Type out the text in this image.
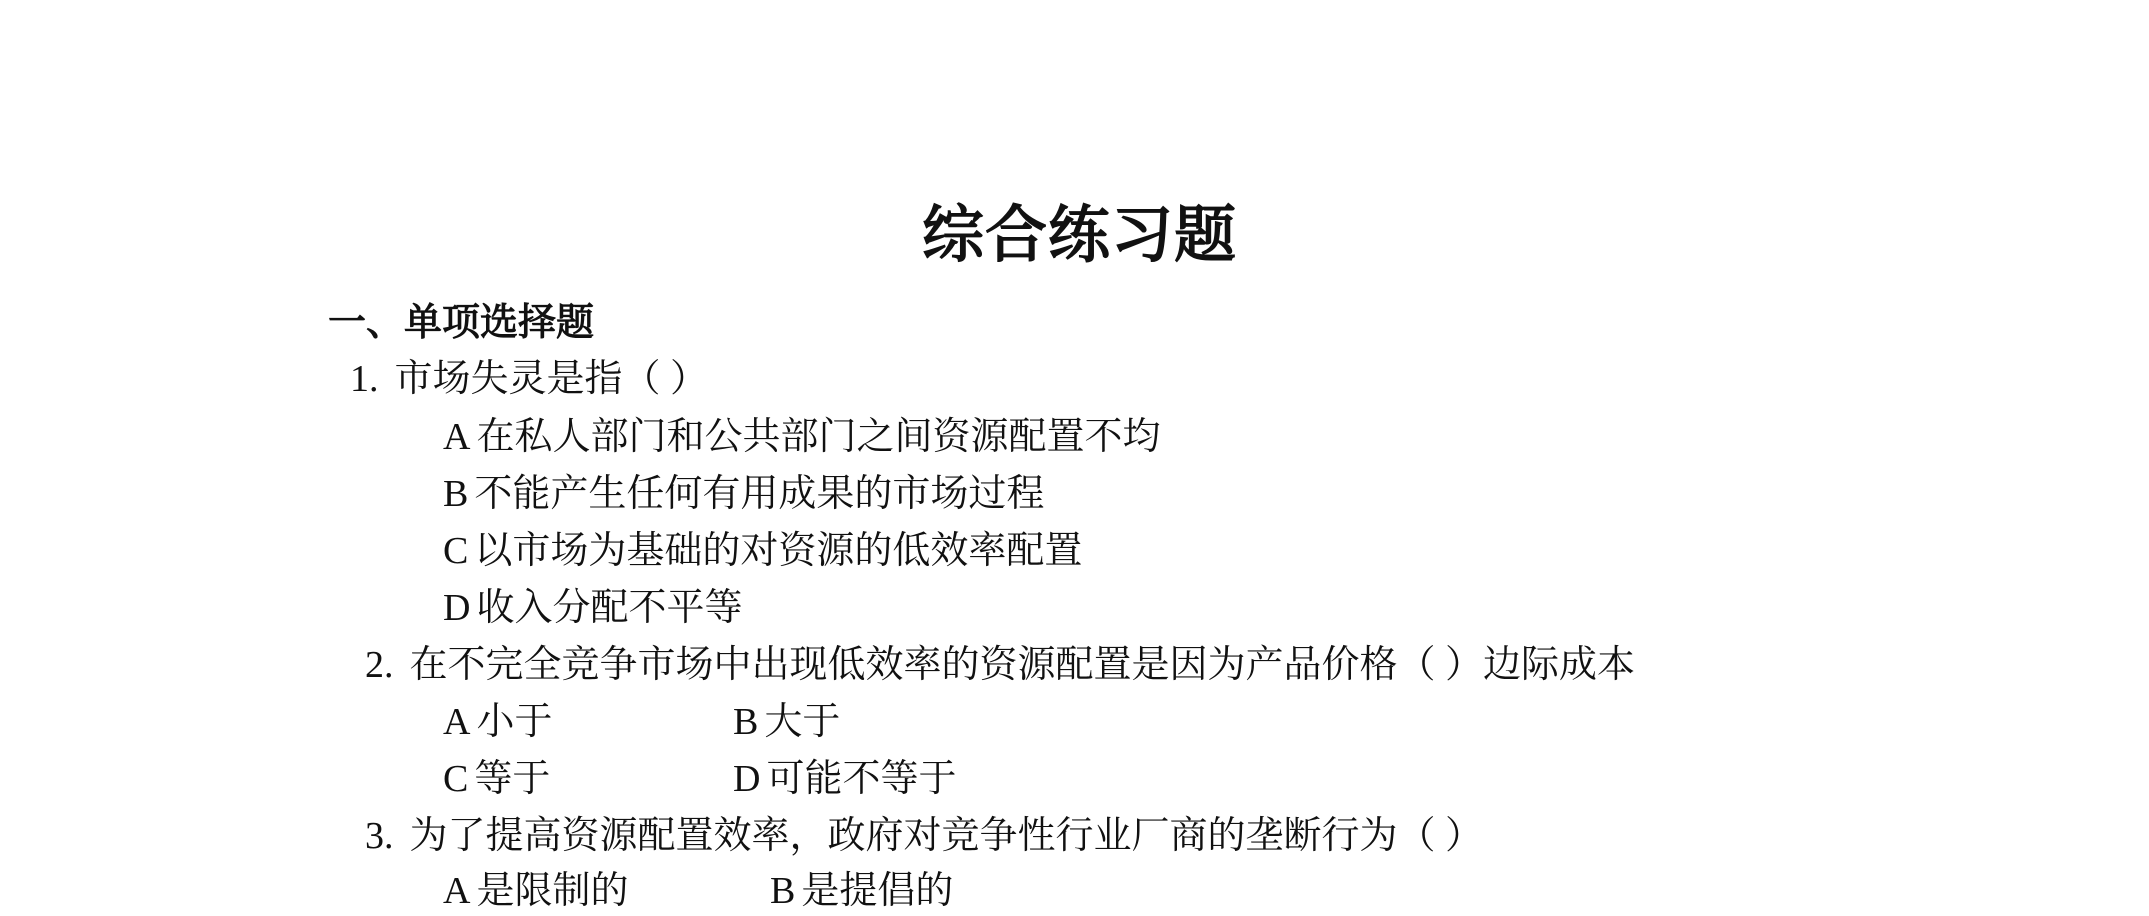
综合练习题
一、单项选择题
1. 市场失灵是指（ ）
A 在私人部门和公共部门之间资源配置不均
B 不能产生任何有用成果的市场过程
C 以市场为基础的对资源的低效率配置
D 收入分配不平等
2. 在不完全竞争市场中出现低效率的资源配置是因为产品价格（ ）边际成本
A 小于	B 大于
C 等于	D 可能不等于
3. 为了提高资源配置效率，政府对竞争性行业厂商的垄断行为（ ）
A 是限制的	B 是提倡的
